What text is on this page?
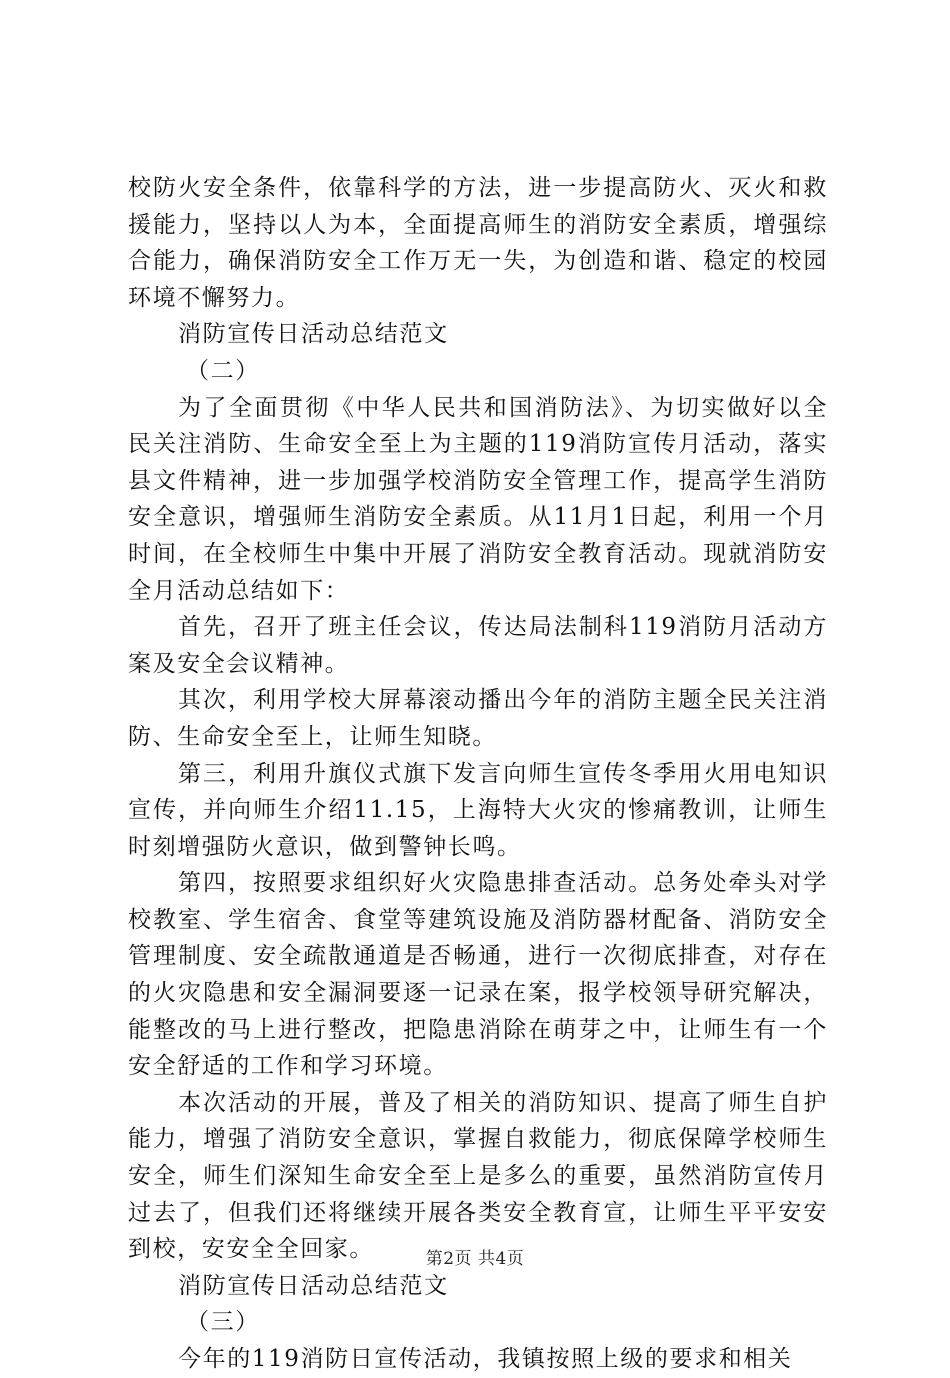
校防火安全条件，依靠科学的方法，进一步提高防火、灭火和救援能力，坚持以人为本，全面提高师生的消防安全素质，增强综合能力，确保消防安全工作万无一失，为创造和谐、稳定的校园环境不懈努力。

消防宣传日活动总结范文

（二）

为了全面贯彻《中华人民共和国消防法》、为切实做好以全民关注消防、生命安全至上为主题的119消防宣传月活动，落实县文件精神，进一步加强学校消防安全管理工作，提高学生消防安全意识，增强师生消防安全素质。从11月1日起，利用一个月时间，在全校师生中集中开展了消防安全教育活动。现就消防安全月活动总结如下：

首先，召开了班主任会议，传达局法制科119消防月活动方案及安全会议精神。

其次，利用学校大屏幕滚动播出今年的消防主题全民关注消防、生命安全至上，让师生知晓。

第三，利用升旗仪式旗下发言向师生宣传冬季用火用电知识宣传，并向师生介绍11.15，上海特大火灾的惨痛教训，让师生时刻增强防火意识，做到警钟长鸣。

第四，按照要求组织好火灾隐患排查活动。总务处牵头对学校教室、学生宿舍、食堂等建筑设施及消防器材配备、消防安全管理制度、安全疏散通道是否畅通，进行一次彻底排查，对存在的火灾隐患和安全漏洞要逐一记录在案，报学校领导研究解决，能整改的马上进行整改，把隐患消除在萌芽之中，让师生有一个安全舒适的工作和学习环境。

本次活动的开展，普及了相关的消防知识、提高了师生自护能力，增强了消防安全意识，掌握自救能力，彻底保障学校师生安全，师生们深知生命安全至上是多么的重要，虽然消防宣传月过去了，但我们还将继续开展各类安全教育宣，让师生平平安安到校，安安全全回家。

消防宣传日活动总结范文

（三）

今年的119消防日宣传活动，我镇按照上级的要求和相关

第2页 共4页
